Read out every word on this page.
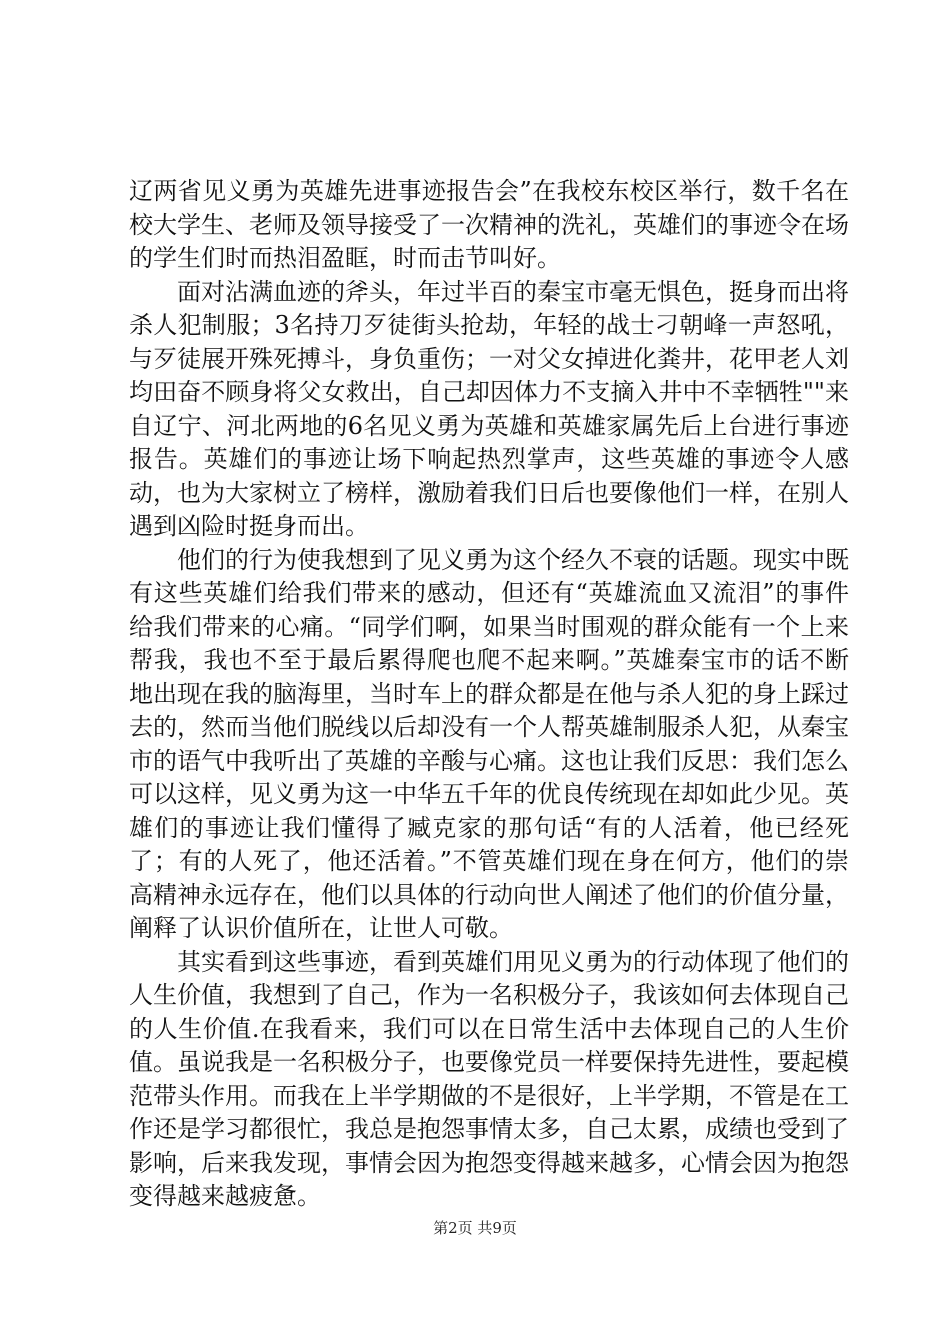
辽两省见义勇为英雄先进事迹报告会”在我校东校区举行，数千名在校大学生、老师及领导接受了一次精神的洗礼，英雄们的事迹令在场的学生们时而热泪盈眶，时而击节叫好。

面对沾满血迹的斧头，年过半百的秦宝市毫无惧色，挺身而出将杀人犯制服；3名持刀歹徒街头抢劫，年轻的战士刁朝峰一声怒吼，与歹徒展开殊死搏斗，身负重伤；一对父女掉进化粪井，花甲老人刘均田奋不顾身将父女救出，自己却因体力不支摘入井中不幸牺牲""来自辽宁、河北两地的6名见义勇为英雄和英雄家属先后上台进行事迹报告。英雄们的事迹让场下响起热烈掌声，这些英雄的事迹令人感动，也为大家树立了榜样，激励着我们日后也要像他们一样，在别人遇到凶险时挺身而出。

他们的行为使我想到了见义勇为这个经久不衰的话题。现实中既有这些英雄们给我们带来的感动，但还有“英雄流血又流泪”的事件给我们带来的心痛。“同学们啊，如果当时围观的群众能有一个上来帮我，我也不至于最后累得爬也爬不起来啊。”英雄秦宝市的话不断地出现在我的脑海里，当时车上的群众都是在他与杀人犯的身上踩过去的，然而当他们脱线以后却没有一个人帮英雄制服杀人犯，从秦宝市的语气中我听出了英雄的辛酸与心痛。这也让我们反思：我们怎么可以这样，见义勇为这一中华五千年的优良传统现在却如此少见。英雄们的事迹让我们懂得了臧克家的那句话“有的人活着，他已经死了；有的人死了，他还活着。”不管英雄们现在身在何方，他们的崇高精神永远存在，他们以具体的行动向世人阐述了他们的价值分量，阐释了认识价值所在，让世人可敬。

其实看到这些事迹，看到英雄们用见义勇为的行动体现了他们的人生价值，我想到了自己，作为一名积极分子，我该如何去体现自己的人生价值.在我看来，我们可以在日常生活中去体现自己的人生价值。虽说我是一名积极分子，也要像党员一样要保持先进性，要起模范带头作用。而我在上半学期做的不是很好，上半学期，不管是在工作还是学习都很忙，我总是抱怨事情太多，自己太累，成绩也受到了影响，后来我发现，事情会因为抱怨变得越来越多，心情会因为抱怨变得越来越疲惫。

第2页 共9页
